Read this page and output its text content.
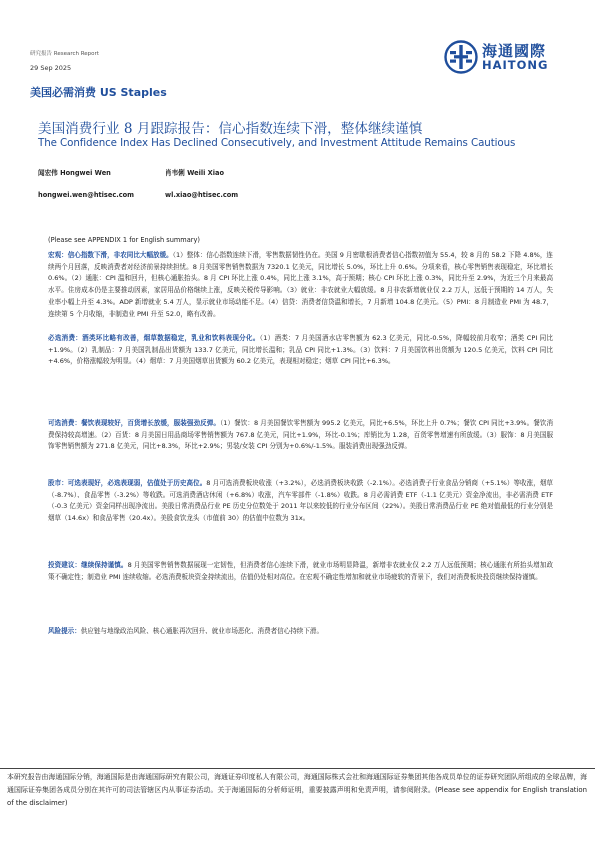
研究报告 Research Report
29 Sep 2025
美国必需消费 US Staples
海通國際
HAITONG
美国消费行业 8 月跟踪报告：信心指数连续下滑，整体继续谨慎
The Confidence Index Has Declined Consecutively, and Investment Attitude Remains Cautious
闻宏伟 Hongwei Wen	肖韦俐 Weili Xiao
hongwei.wen@htisec.com	wl.xiao@htisec.com
(Please see APPENDIX 1 for English summary)
宏观：信心指数下滑，非农同比大幅放缓。（1）整体：信心指数连续下滑，零售数据韧性仍在。美国 9 月密歇根消费者信心指数初值为 55.4，较 8 月的 58.2 下降 4.8%，连续两个月回落，反映消费者对经济前景持续担忧。8 月美国零售销售数据为 7320.1 亿美元，同比增长 5.0%，环比上升 0.6%。分项来看，核心零售销售表现稳定，环比增长 0.6%。（2）通胀：CPI 温和回升，但核心通胀抬头。8 月 CPI 环比上涨 0.4%，同比上涨 3.1%，高于预期；核心 CPI 环比上涨 0.3%，同比升至 2.9%，为近三个月来最高水平。住房成本仍是主要推动因素，家居用品价格继续上涨，反映关税传导影响。（3）就业：非农就业大幅放缓。8 月非农新增就业仅 2.2 万人，远低于预期的 14 万人，失业率小幅上升至 4.3%。ADP 新增就业 5.4 万人，显示就业市场动能不足。（4）信贷：消费者信贷温和增长，7 月新增 104.8 亿美元。（5）PMI：8 月制造业 PMI 为 48.7，连续第 5 个月收缩，非制造业 PMI 升至 52.0，略有改善。
必选消费：酒类环比略有改善，烟草数据稳定，乳业和饮料表现分化。（1）酒类：7 月美国酒水店零售额为 62.3 亿美元，同比-0.5%，降幅较前月收窄；酒类 CPI 同比+1.9%。（2）乳制品：7 月美国乳制品出货额为 133.7 亿美元，同比增长温和；乳品 CPI 同比+1.3%。（3）饮料：7 月美国饮料出货额为 120.5 亿美元，饮料 CPI 同比+4.6%，价格涨幅较为明显。（4）烟草：7 月美国烟草出货额为 60.2 亿美元，表现相对稳定；烟草 CPI 同比+6.3%。
可选消费：餐饮表现较好，百货增长放缓，服装强劲反弹。（1）餐饮：8 月美国餐饮零售额为 995.2 亿美元，同比+6.5%，环比上升 0.7%；餐饮 CPI 同比+3.9%。餐饮消费保持较高增速。（2）百货：8 月美国日用品商场零售销售额为 767.8 亿美元，同比+1.9%，环比-0.1%；库销比为 1.28，百货零售增速有所放缓。（3）服饰：8 月美国服饰零售销售额为 271.8 亿美元，同比+8.3%，环比+2.9%；男装/女装 CPI 分别为+0.6%/-1.5%。服装消费出现强劲反弹。
股市：可选表现好，必选表现弱，估值处于历史高位。8 月可选消费板块收涨（+3.2%），必选消费板块收跌（-2.1%）。必选消费子行业食品分销商（+5.1%）等收涨，烟草（-8.7%）、食品零售（-3.2%）等收跌。可选消费酒店休闲（+6.8%）收涨，汽车零部件（-1.8%）收跌。8 月必需消费 ETF（-1.1 亿美元）资金净流出，非必需消费 ETF（-0.3 亿美元）资金同样出现净流出。美股日常消费品行业 PE 历史分位数处于 2011 年以来较低的行业分布区间（22%）。美股日常消费品行业 PE 绝对值最低的行业分别是烟草（14.6x）和食品零售（20.4x）。美股食饮龙头（市值前 30）的估值中位数为 31x。
投资建议：继续保持谨慎。8 月美国零售销售数据展现一定韧性，但消费者信心连续下滑，就业市场明显降温，新增非农就业仅 2.2 万人远低预期；核心通胀有所抬头增加政策不确定性；制造业 PMI 连续收缩。必选消费板块资金持续流出，估值仍处相对高位。在宏观不确定性增加和就业市场疲软的背景下，我们对消费板块投资继续保持谨慎。
风险提示：供应链与地缘政治风险、核心通胀再次回升、就业市场恶化、消费者信心持续下滑。
本研究报告由海通国际分销，海通国际是由海通国际研究有限公司，海通证券印度私人有限公司，海通国际株式会社和海通国际证券集团其他各成员单位的证券研究团队所组成的全球品牌，海通国际证券集团各成员分别在其许可的司法管辖区内从事证券活动。关于海通国际的分析师证明，重要披露声明和免责声明，请参阅附录。(Please see appendix for English translation of the disclaimer)
